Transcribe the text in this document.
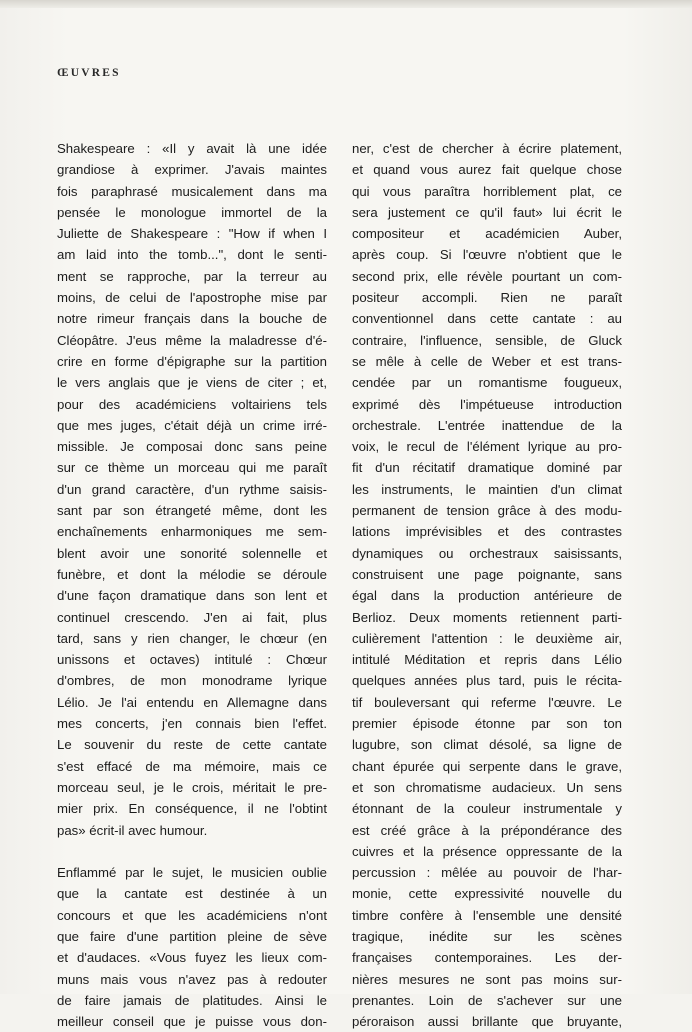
ŒUVRES
Shakespeare : «Il y avait là une idée
grandiose à exprimer. J'avais maintes
fois paraphrasé musicalement dans ma
pensée le monologue immortel de la
Juliette de Shakespeare : "How if when I
am laid into the tomb...", dont le senti-
ment se rapproche, par la terreur au
moins, de celui de l'apostrophe mise par
notre rimeur français dans la bouche de
Cléopâtre. J'eus même la maladresse d'é-
crire en forme d'épigraphe sur la partition
le vers anglais que je viens de citer ; et,
pour des académiciens voltairiens tels
que mes juges, c'était déjà un crime irré-
missible. Je composai donc sans peine
sur ce thème un morceau qui me paraît
d'un grand caractère, d'un rythme saisis-
sant par son étrangeté même, dont les
enchaînements enharmoniques me sem-
blent avoir une sonorité solennelle et
funèbre, et dont la mélodie se déroule
d'une façon dramatique dans son lent et
continuel crescendo. J'en ai fait, plus
tard, sans y rien changer, le chœur (en
unissons et octaves) intitulé : Chœur
d'ombres, de mon monodrame lyrique
Lélio. Je l'ai entendu en Allemagne dans
mes concerts, j'en connais bien l'effet.
Le souvenir du reste de cette cantate
s'est effacé de ma mémoire, mais ce
morceau seul, je le crois, méritait le pre-
mier prix. En conséquence, il ne l'obtint
pas» écrit-il avec humour.
Enflammé par le sujet, le musicien oublie
que la cantate est destinée à un
concours et que les académiciens n'ont
que faire d'une partition pleine de sève
et d'audaces. «Vous fuyez les lieux com-
muns mais vous n'avez pas à redouter
de faire jamais de platitudes. Ainsi le
meilleur conseil que je puisse vous don-
ner, c'est de chercher à écrire platement,
et quand vous aurez fait quelque chose
qui vous paraîtra horriblement plat, ce
sera justement ce qu'il faut» lui écrit le
compositeur et académicien Auber,
après coup. Si l'œuvre n'obtient que le
second prix, elle révèle pourtant un com-
positeur accompli. Rien ne paraît
conventionnel dans cette cantate : au
contraire, l'influence, sensible, de Gluck
se mêle à celle de Weber et est trans-
cendée par un romantisme fougueux,
exprimé dès l'impétueuse introduction
orchestrale. L'entrée inattendue de la
voix, le recul de l'élément lyrique au pro-
fit d'un récitatif dramatique dominé par
les instruments, le maintien d'un climat
permanent de tension grâce à des modu-
lations imprévisibles et des contrastes
dynamiques ou orchestraux saisissants,
construisent une page poignante, sans
égal dans la production antérieure de
Berlioz. Deux moments retiennent parti-
culièrement l'attention : le deuxième air,
intitulé Méditation et repris dans Lélio
quelques années plus tard, puis le récita-
tif bouleversant qui referme l'œuvre. Le
premier épisode étonne par son ton
lugubre, son climat désolé, sa ligne de
chant épurée qui serpente dans le grave,
et son chromatisme audacieux. Un sens
étonnant de la couleur instrumentale y
est créé grâce à la prépondérance des
cuivres et la présence oppressante de la
percussion : mêlée au pouvoir de l'har-
monie, cette expressivité nouvelle du
timbre confère à l'ensemble une densité
tragique, inédite sur les scènes
françaises contemporaines. Les der-
nières mesures ne sont pas moins sur-
prenantes. Loin de s'achever sur une
péroraison aussi brillante que bruyante,
